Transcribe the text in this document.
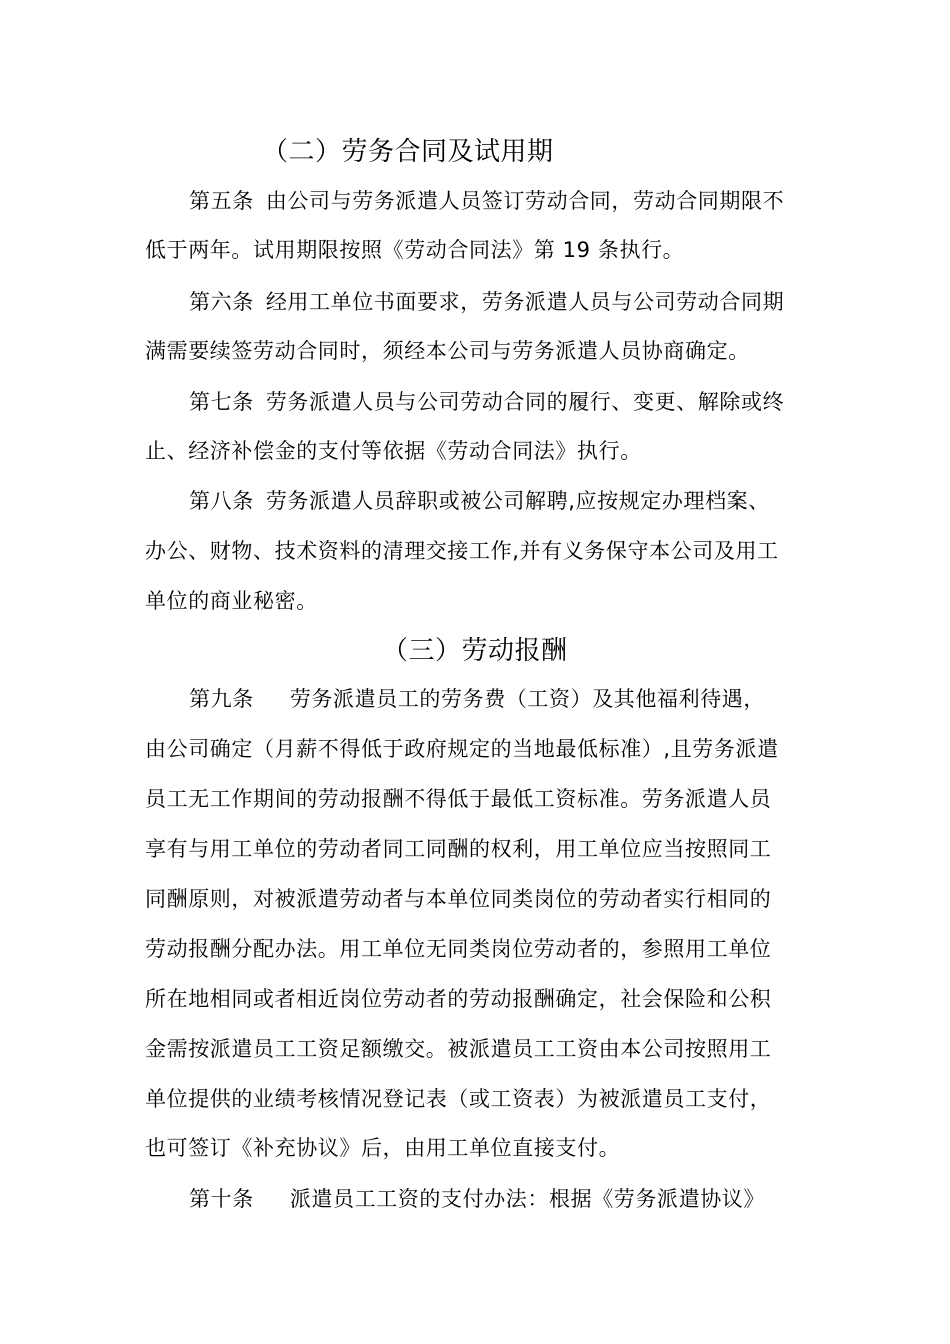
（二）劳务合同及试用期
第五条 由公司与劳务派遣人员签订劳动合同，劳动合同期限不
低于两年。试用期限按照《劳动合同法》第 19 条执行。
第六条 经用工单位书面要求，劳务派遣人员与公司劳动合同期
满需要续签劳动合同时，须经本公司与劳务派遣人员协商确定。
第七条 劳务派遣人员与公司劳动合同的履行、变更、解除或终
止、经济补偿金的支付等依据《劳动合同法》执行。
第八条 劳务派遣人员辞职或被公司解聘,应按规定办理档案、
办公、财物、技术资料的清理交接工作,并有义务保守本公司及用工
单位的商业秘密。
（三）劳动报酬
第九条 劳务派遣员工的劳务费（工资）及其他福利待遇，
由公司确定（月薪不得低于政府规定的当地最低标准）,且劳务派遣
员工无工作期间的劳动报酬不得低于最低工资标准。劳务派遣人员
享有与用工单位的劳动者同工同酬的权利，用工单位应当按照同工
同酬原则，对被派遣劳动者与本单位同类岗位的劳动者实行相同的
劳动报酬分配办法。用工单位无同类岗位劳动者的，参照用工单位
所在地相同或者相近岗位劳动者的劳动报酬确定，社会保险和公积
金需按派遣员工工资足额缴交。被派遣员工工资由本公司按照用工
单位提供的业绩考核情况登记表（或工资表）为被派遣员工支付，
也可签订《补充协议》后，由用工单位直接支付。
第十条 派遣员工工资的支付办法：根据《劳务派遣协议》
